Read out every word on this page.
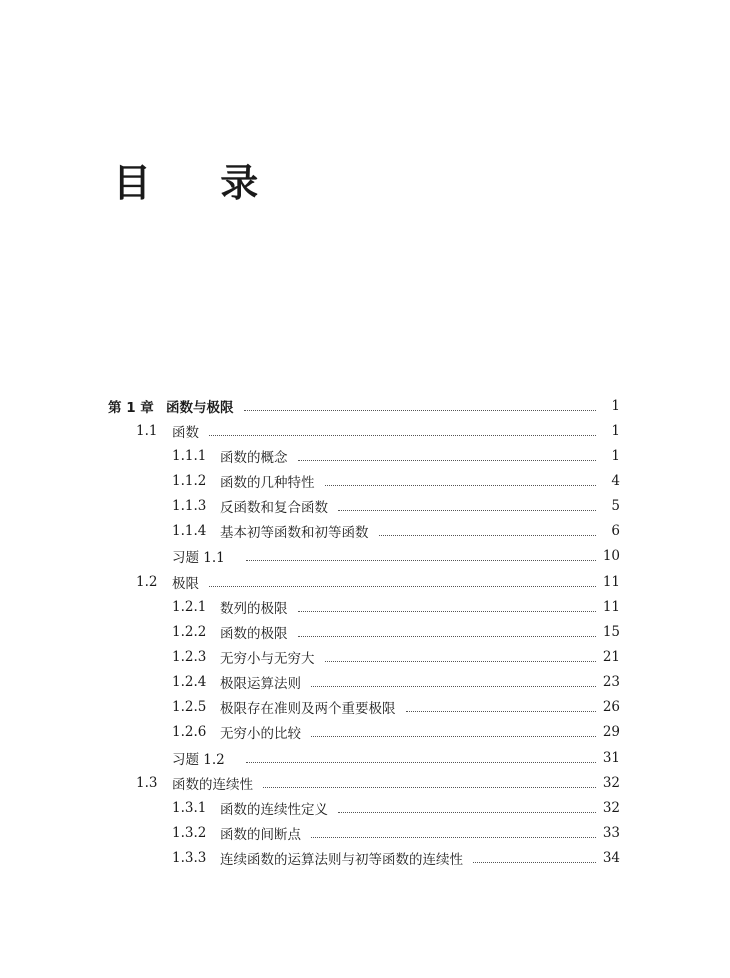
目 录
第 1 章 函数与极限	1
1.1	函数	1
1.1.1	函数的概念	1
1.1.2	函数的几种特性	4
1.1.3	反函数和复合函数	5
1.1.4	基本初等函数和初等函数	6
习题 1.1	10
1.2	极限	11
1.2.1	数列的极限	11
1.2.2	函数的极限	15
1.2.3	无穷小与无穷大	21
1.2.4	极限运算法则	23
1.2.5	极限存在准则及两个重要极限	26
1.2.6	无穷小的比较	29
习题 1.2	31
1.3	函数的连续性	32
1.3.1	函数的连续性定义	32
1.3.2	函数的间断点	33
1.3.3	连续函数的运算法则与初等函数的连续性	34
